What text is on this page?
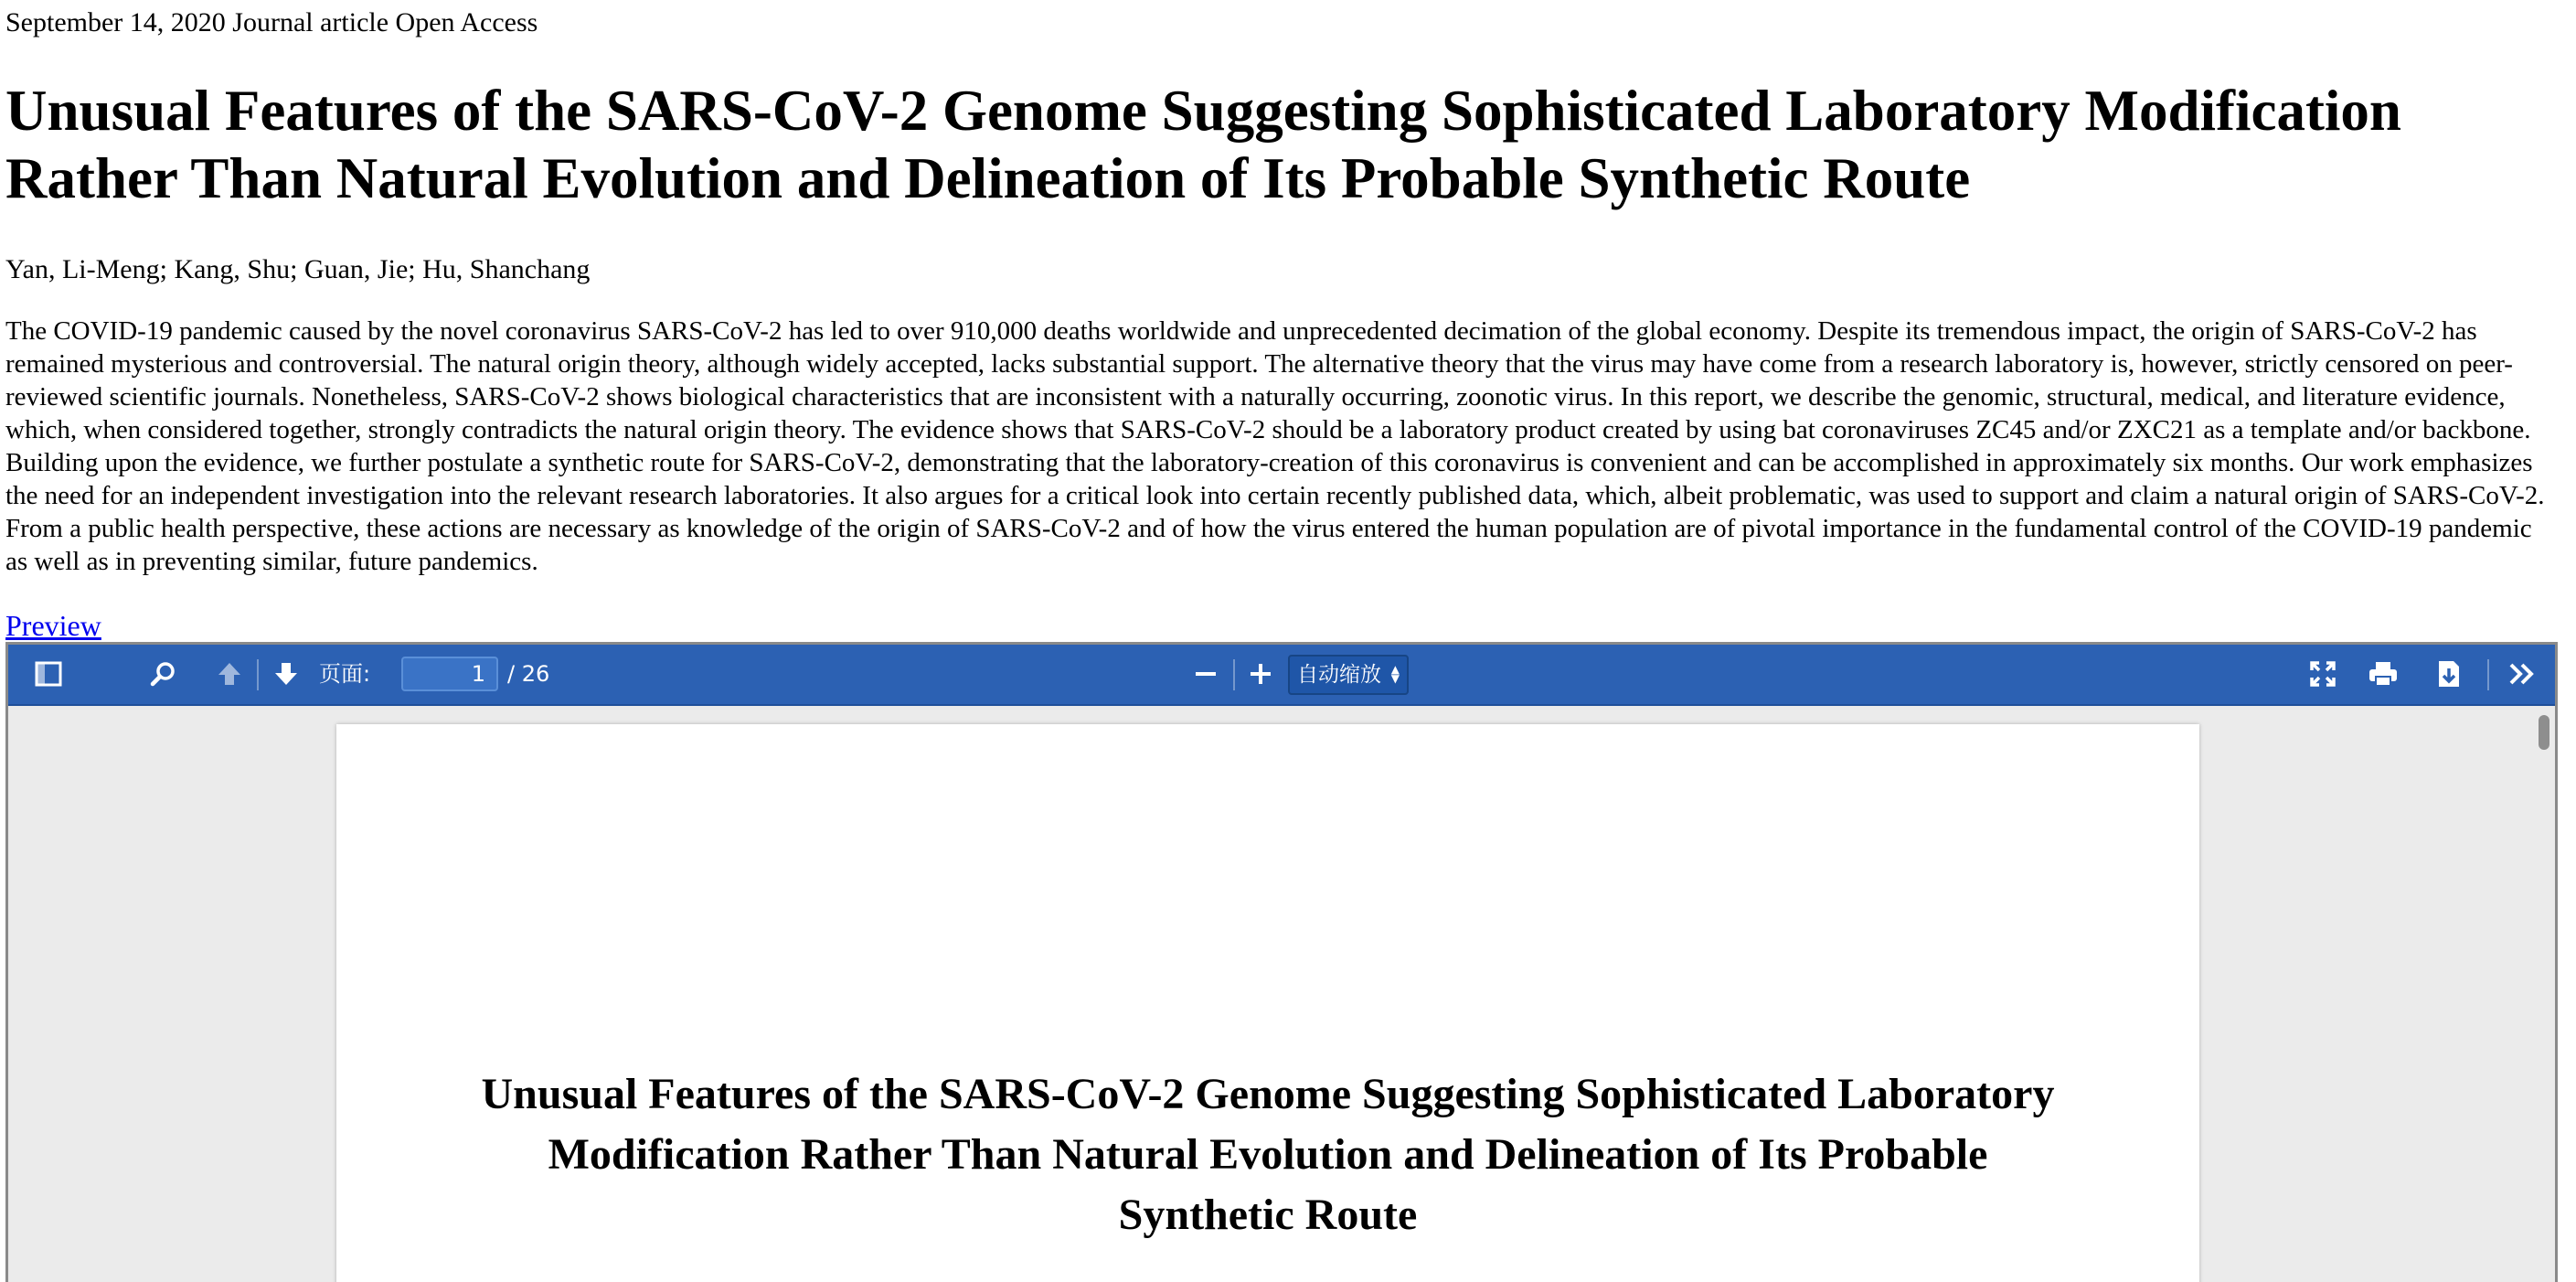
September 14, 2020 Journal article Open Access
Unusual Features of the SARS-CoV-2 Genome Suggesting Sophisticated Laboratory Modification Rather Than Natural Evolution and Delineation of Its Probable Synthetic Route
Yan, Li-Meng; Kang, Shu; Guan, Jie; Hu, Shanchang

The COVID-19 pandemic caused by the novel coronavirus SARS-CoV-2 has led to over 910,000 deaths worldwide and unprecedented decimation of the global economy. Despite its tremendous impact, the origin of SARS-CoV-2 has remained mysterious and controversial. The natural origin theory, although widely accepted, lacks substantial support. The alternative theory that the virus may have come from a research laboratory is, however, strictly censored on peer-reviewed scientific journals. Nonetheless, SARS-CoV-2 shows biological characteristics that are inconsistent with a naturally occurring, zoonotic virus. In this report, we describe the genomic, structural, medical, and literature evidence, which, when considered together, strongly contradicts the natural origin theory. The evidence shows that SARS-CoV-2 should be a laboratory product created by using bat coronaviruses ZC45 and/or ZXC21 as a template and/or backbone. Building upon the evidence, we further postulate a synthetic route for SARS-CoV-2, demonstrating that the laboratory-creation of this coronavirus is convenient and can be accomplished in approximately six months. Our work emphasizes the need for an independent investigation into the relevant research laboratories. It also argues for a critical look into certain recently published data, which, albeit problematic, was used to support and claim a natural origin of SARS-CoV-2. From a public health perspective, these actions are necessary as knowledge of the origin of SARS-CoV-2 and of how the virus entered the human population are of pivotal importance in the fundamental control of the COVID-19 pandemic as well as in preventing similar, future pandemics.

Preview
页面:
1	/ 26	自动缩放 ▲
▼
Unusual Features of the SARS-CoV-2 Genome Suggesting Sophisticated Laboratory Modification Rather Than Natural Evolution and Delineation of Its Probable Synthetic Route
